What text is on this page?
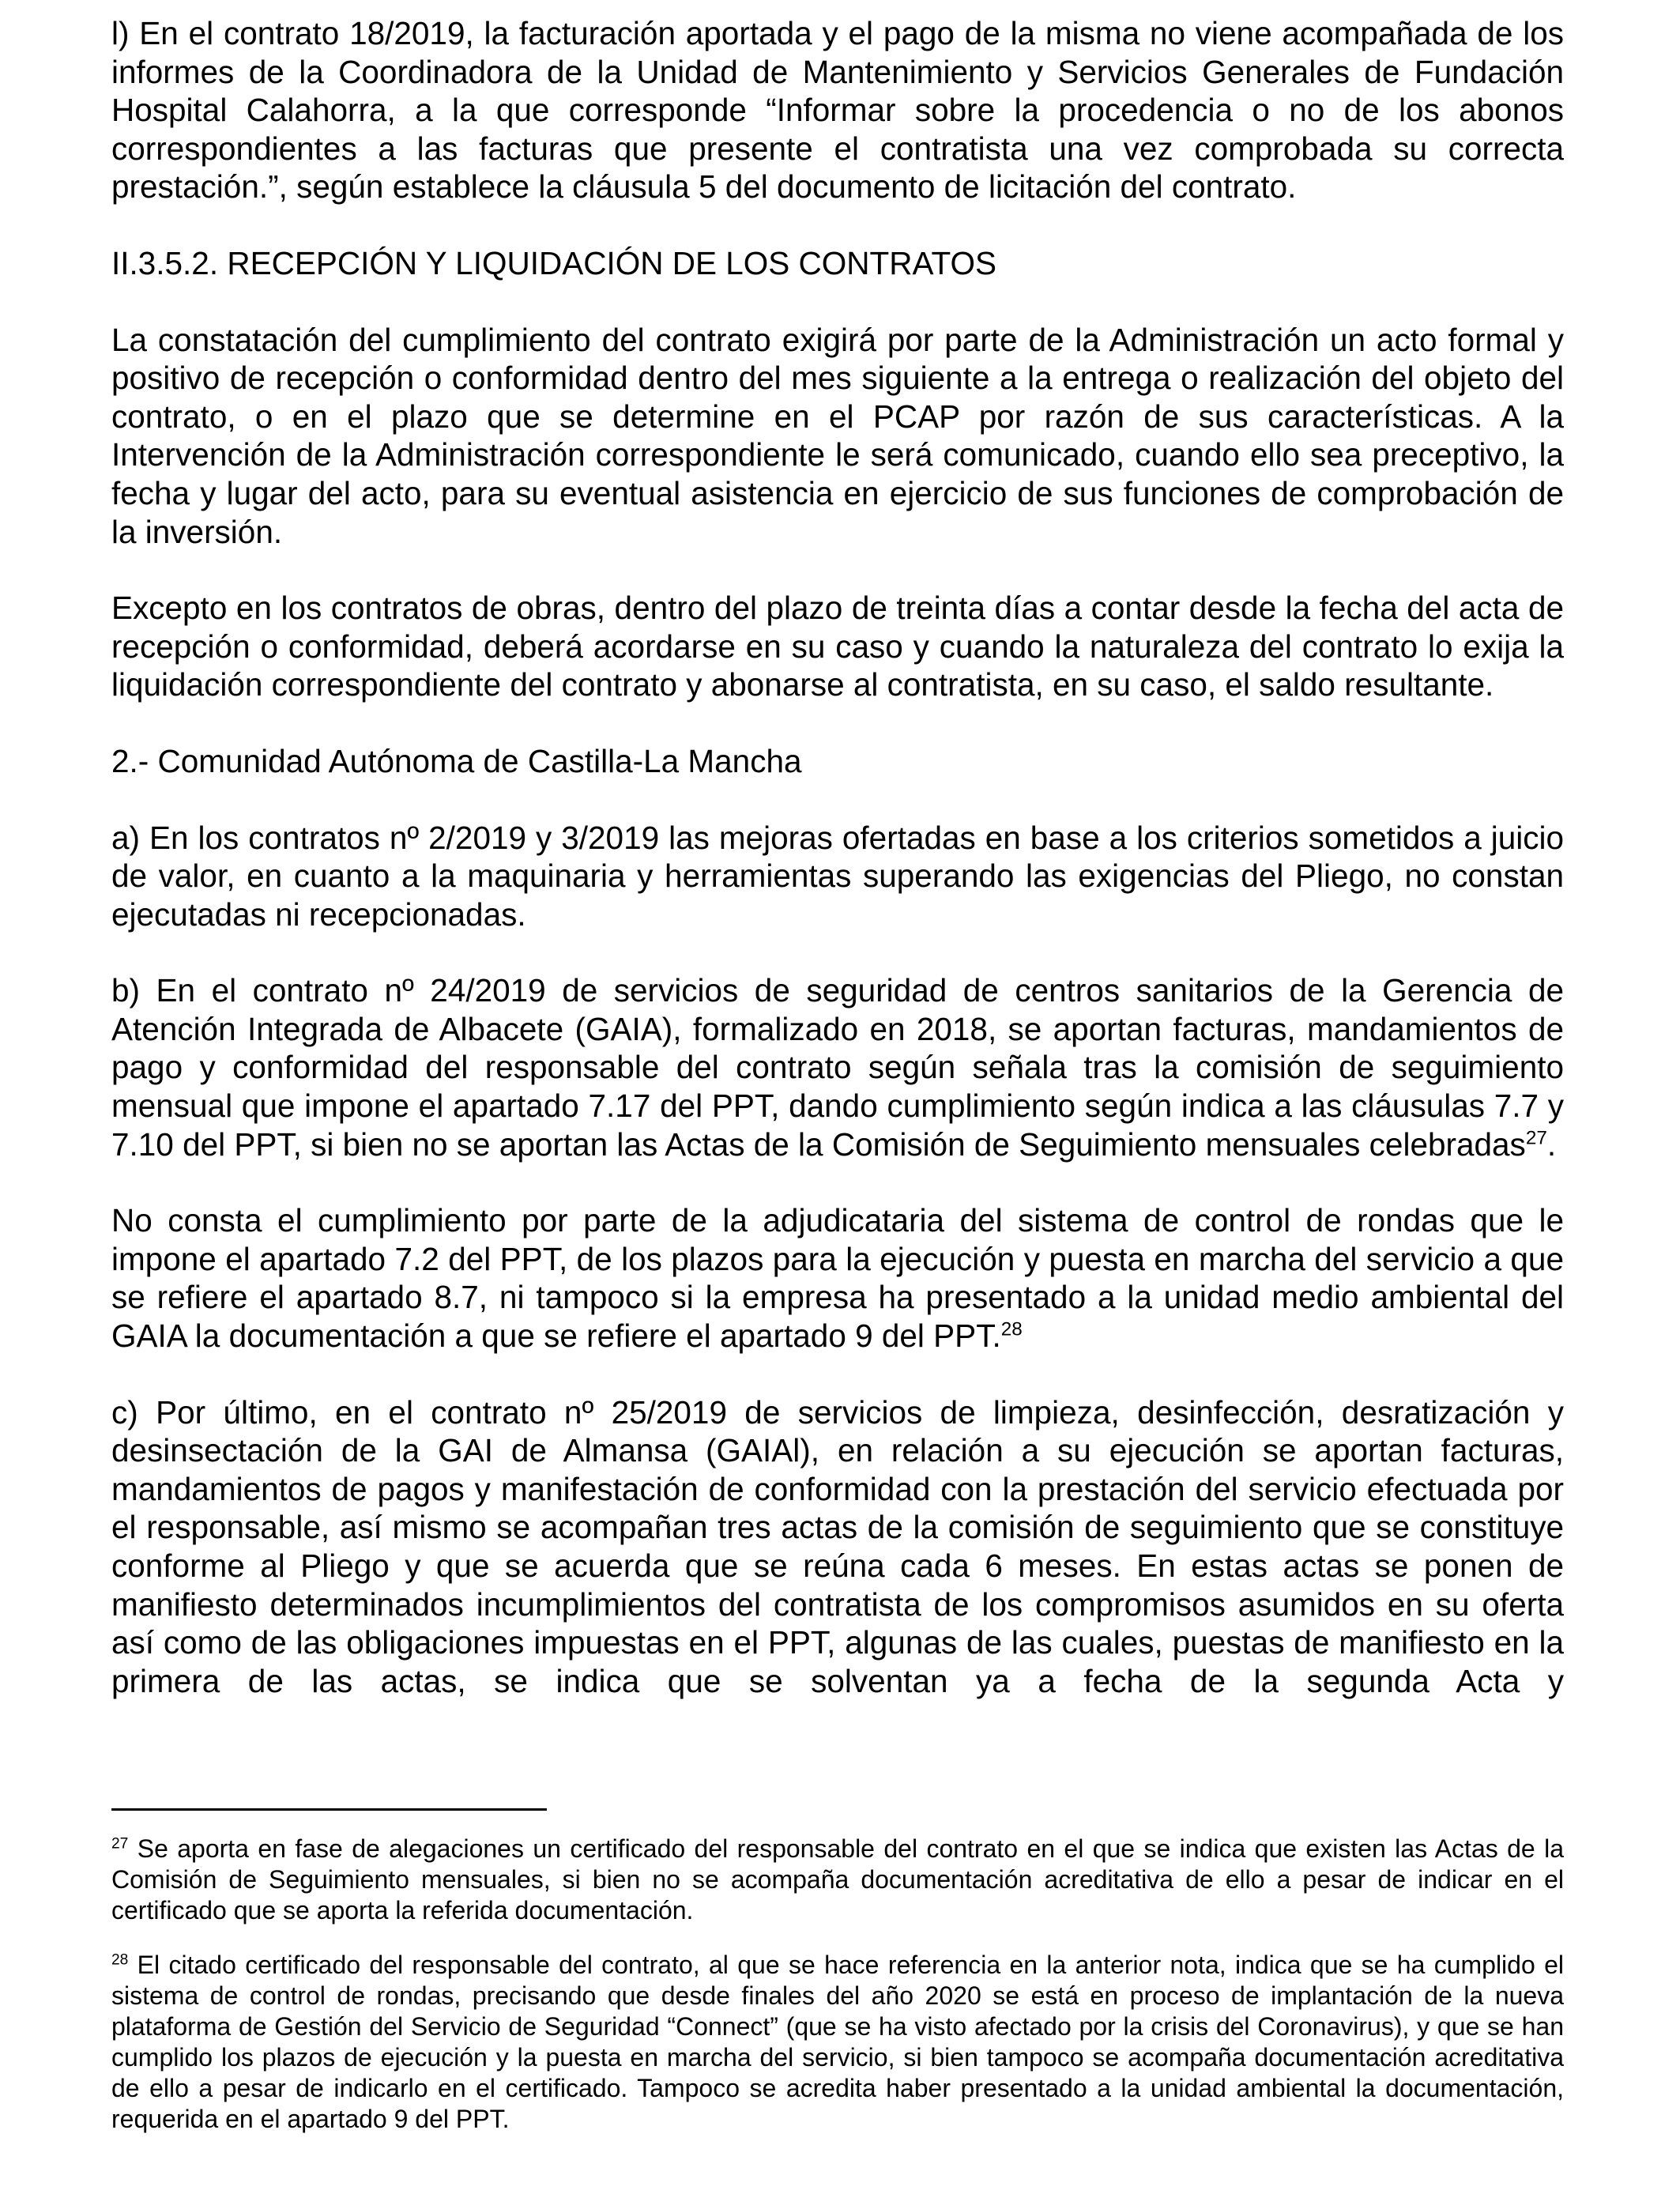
l) En el contrato 18/2019, la facturación aportada y el pago de la misma no viene acompañada de los informes de la Coordinadora de la Unidad de Mantenimiento y Servicios Generales de Fundación Hospital Calahorra, a la que corresponde “Informar sobre la procedencia o no de los abonos correspondientes a las facturas que presente el contratista una vez comprobada su correcta prestación.”, según establece la cláusula 5 del documento de licitación del contrato.

II.3.5.2. RECEPCIÓN Y LIQUIDACIÓN DE LOS CONTRATOS

La constatación del cumplimiento del contrato exigirá por parte de la Administración un acto formal y positivo de recepción o conformidad dentro del mes siguiente a la entrega o realización del objeto del contrato, o en el plazo que se determine en el PCAP por razón de sus características. A la Intervención de la Administración correspondiente le será comunicado, cuando ello sea preceptivo, la fecha y lugar del acto, para su eventual asistencia en ejercicio de sus funciones de comprobación de la inversión.

Excepto en los contratos de obras, dentro del plazo de treinta días a contar desde la fecha del acta de recepción o conformidad, deberá acordarse en su caso y cuando la naturaleza del contrato lo exija la liquidación correspondiente del contrato y abonarse al contratista, en su caso, el saldo resultante.

2.- Comunidad Autónoma de Castilla-La Mancha

a) En los contratos nº 2/2019 y 3/2019 las mejoras ofertadas en base a los criterios sometidos a juicio de valor, en cuanto a la maquinaria y herramientas superando las exigencias del Pliego, no constan ejecutadas ni recepcionadas.

b) En el contrato nº 24/2019 de servicios de seguridad de centros sanitarios de la Gerencia de Atención Integrada de Albacete (GAIA), formalizado en 2018, se aportan facturas, mandamientos de pago y conformidad del responsable del contrato según señala tras la comisión de seguimiento mensual que impone el apartado 7.17 del PPT, dando cumplimiento según indica a las cláusulas 7.7 y 7.10 del PPT, si bien no se aportan las Actas de la Comisión de Seguimiento mensuales celebradas$^{27}$.

No consta el cumplimiento por parte de la adjudicataria del sistema de control de rondas que le impone el apartado 7.2 del PPT, de los plazos para la ejecución y puesta en marcha del servicio a que se refiere el apartado 8.7, ni tampoco si la empresa ha presentado a la unidad medio ambiental del GAIA la documentación a que se refiere el apartado 9 del PPT.$^{28}$

c) Por último, en el contrato nº 25/2019 de servicios de limpieza, desinfección, desratización y desinsectación de la GAI de Almansa (GAIAl), en relación a su ejecución se aportan facturas, mandamientos de pagos y manifestación de conformidad con la prestación del servicio efectuada por el responsable, así mismo se acompañan tres actas de la comisión de seguimiento que se constituye conforme al Pliego y que se acuerda que se reúna cada 6 meses. En estas actas se ponen de manifiesto determinados incumplimientos del contratista de los compromisos asumidos en su oferta así como de las obligaciones impuestas en el PPT, algunas de las cuales, puestas de manifiesto en la primera de las actas, se indica que se solventan ya a fecha de la segunda Acta y

$^{27}$ Se aporta en fase de alegaciones un certificado del responsable del contrato en el que se indica que existen las Actas de la Comisión de Seguimiento mensuales, si bien no se acompaña documentación acreditativa de ello a pesar de indicar en el certificado que se aporta la referida documentación.

$^{28}$ El citado certificado del responsable del contrato, al que se hace referencia en la anterior nota, indica que se ha cumplido el sistema de control de rondas, precisando que desde finales del año 2020 se está en proceso de implantación de la nueva plataforma de Gestión del Servicio de Seguridad “Connect” (que se ha visto afectado por la crisis del Coronavirus), y que se han cumplido los plazos de ejecución y la puesta en marcha del servicio, si bien tampoco se acompaña documentación acreditativa de ello a pesar de indicarlo en el certificado. Tampoco se acredita haber presentado a la unidad ambiental la documentación, requerida en el apartado 9 del PPT.
